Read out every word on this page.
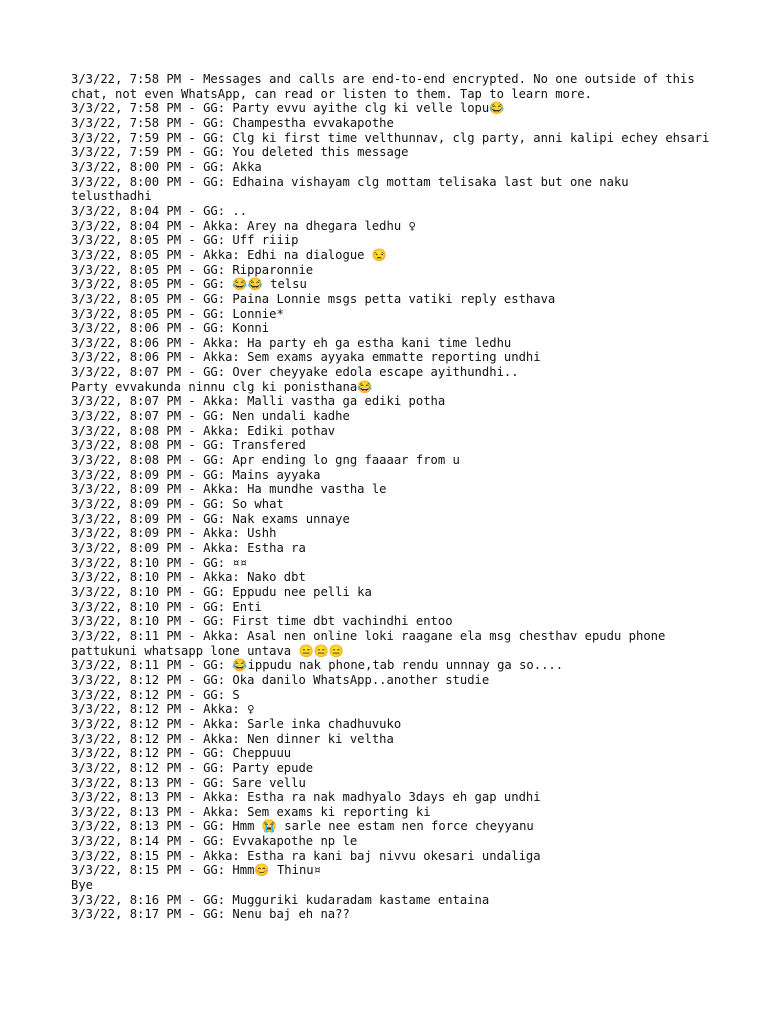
3/3/22, 7:58 PM - Messages and calls are end-to-end encrypted. No one outside of this chat, not even WhatsApp, can read or listen to them. Tap to learn more.
3/3/22, 7:58 PM - GG: Party evvu ayithe clg ki velle lopu😂
3/3/22, 7:58 PM - GG: Champestha evvakapothe
3/3/22, 7:59 PM - GG: Clg ki first time velthunnav, clg party, anni kalipi echey ehsari
3/3/22, 7:59 PM - GG: You deleted this message
3/3/22, 8:00 PM - GG: Akka
3/3/22, 8:00 PM - GG: Edhaina vishayam clg mottam telisaka last but one naku telusthadhi
3/3/22, 8:04 PM - GG: ..
3/3/22, 8:04 PM - Akka: Arey na dhegara ledhu ♀
3/3/22, 8:05 PM - GG: Uff riiip
3/3/22, 8:05 PM - Akka: Edhi na dialogue 😒
3/3/22, 8:05 PM - GG: Ripparonnie
3/3/22, 8:05 PM - GG: 😂😂 telsu
3/3/22, 8:05 PM - GG: Paina Lonnie msgs petta vatiki reply esthava
3/3/22, 8:05 PM - GG: Lonnie*
3/3/22, 8:06 PM - GG: Konni
3/3/22, 8:06 PM - Akka: Ha party eh ga estha kani time ledhu
3/3/22, 8:06 PM - Akka: Sem exams ayyaka emmatte reporting undhi
3/3/22, 8:07 PM - GG: Over cheyyake edola escape ayithundhi..
Party evvakunda ninnu clg ki ponisthana😂
3/3/22, 8:07 PM - Akka: Malli vastha ga ediki potha
3/3/22, 8:07 PM - GG: Nen undali kadhe
3/3/22, 8:08 PM - Akka: Ediki pothav
3/3/22, 8:08 PM - GG: Transfered
3/3/22, 8:08 PM - GG: Apr ending lo gng faaaar from u
3/3/22, 8:09 PM - GG: Mains ayyaka
3/3/22, 8:09 PM - Akka: Ha mundhe vastha le
3/3/22, 8:09 PM - GG: So what
3/3/22, 8:09 PM - GG: Nak exams unnaye
3/3/22, 8:09 PM - Akka: Ushh
3/3/22, 8:09 PM - Akka: Estha ra
3/3/22, 8:10 PM - GG: ¤¤
3/3/22, 8:10 PM - Akka: Nako dbt
3/3/22, 8:10 PM - GG: Eppudu nee pelli ka
3/3/22, 8:10 PM - GG: Enti
3/3/22, 8:10 PM - GG: First time dbt vachindhi entoo
3/3/22, 8:11 PM - Akka: Asal nen online loki raagane ela msg chesthav epudu phone pattukuni whatsapp lone untava 😑😑😑
3/3/22, 8:11 PM - GG: 😂ippudu nak phone,tab rendu unnnay ga so....
3/3/22, 8:12 PM - GG: Oka danilo WhatsApp..another studie
3/3/22, 8:12 PM - GG: S
3/3/22, 8:12 PM - Akka: ♀
3/3/22, 8:12 PM - Akka: Sarle inka chadhuvuko
3/3/22, 8:12 PM - Akka: Nen dinner ki veltha
3/3/22, 8:12 PM - GG: Cheppuuu
3/3/22, 8:12 PM - GG: Party epude
3/3/22, 8:13 PM - GG: Sare vellu
3/3/22, 8:13 PM - Akka: Estha ra nak madhyalo 3days eh gap undhi
3/3/22, 8:13 PM - Akka: Sem exams ki reporting ki
3/3/22, 8:13 PM - GG: Hmm 😭 sarle nee estam nen force cheyyanu
3/3/22, 8:14 PM - GG: Evvakapothe np le
3/3/22, 8:15 PM - Akka: Estha ra kani baj nivvu okesari undaliga
3/3/22, 8:15 PM - GG: Hmm😊 Thinu¤
Bye
3/3/22, 8:16 PM - GG: Mugguriki kudaradam kastame entaina
3/3/22, 8:17 PM - GG: Nenu baj eh na??
